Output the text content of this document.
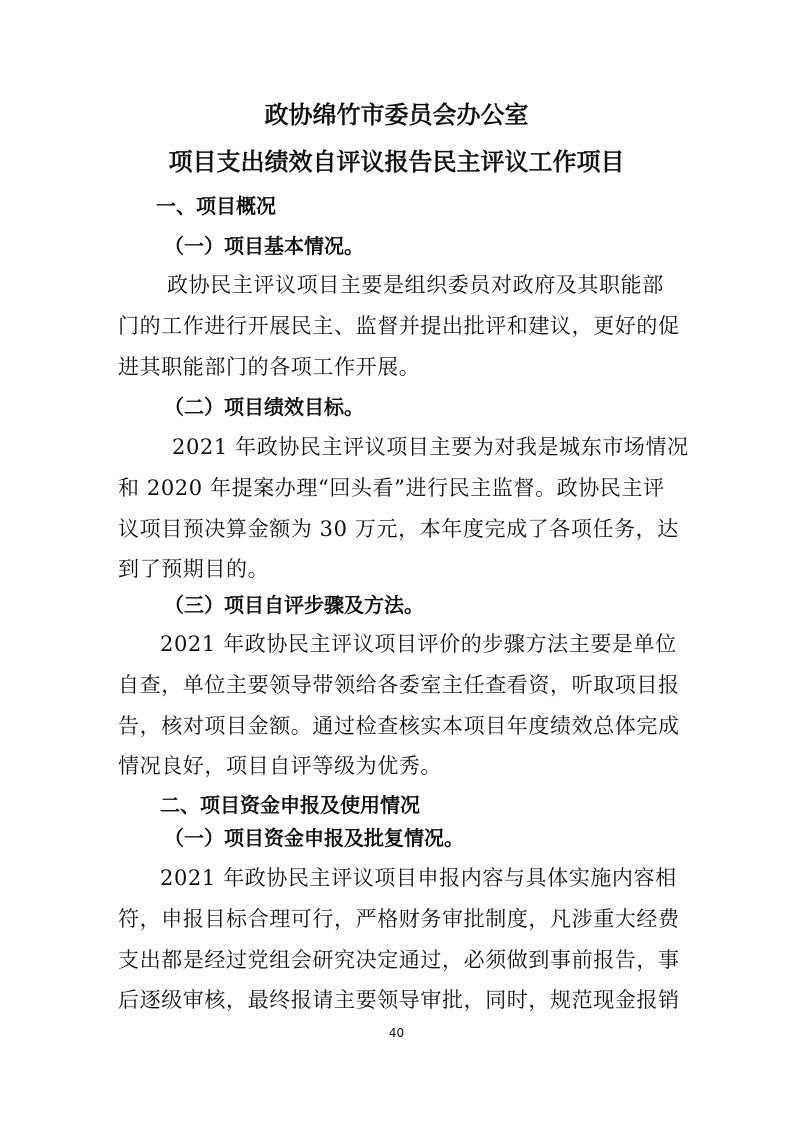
政协绵竹市委员会办公室
项目支出绩效自评议报告民主评议工作项目
一、项目概况
（一）项目基本情况。

政协民主评议项目主要是组织委员对政府及其职能部

门的工作进行开展民主、监督并提出批评和建议，更好的促

进其职能部门的各项工作开展。

（二）项目绩效目标。

2021 年政协民主评议项目主要为对我是城东市场情况

和 2020 年提案办理“回头看”进行民主监督。政协民主评

议项目预决算金额为 30 万元，本年度完成了各项任务，达

到了预期目的。

（三）项目自评步骤及方法。

2021 年政协民主评议项目评价的步骤方法主要是单位

自查，单位主要领导带领给各委室主任查看资，听取项目报

告，核对项目金额。通过检查核实本项目年度绩效总体完成

情况良好，项目自评等级为优秀。

二、项目资金申报及使用情况
（一）项目资金申报及批复情况。

2021 年政协民主评议项目申报内容与具体实施内容相

符，申报目标合理可行，严格财务审批制度，凡涉重大经费

支出都是经过党组会研究决定通过，必须做到事前报告，事

后逐级审核，最终报请主要领导审批，同时，规范现金报销

40
